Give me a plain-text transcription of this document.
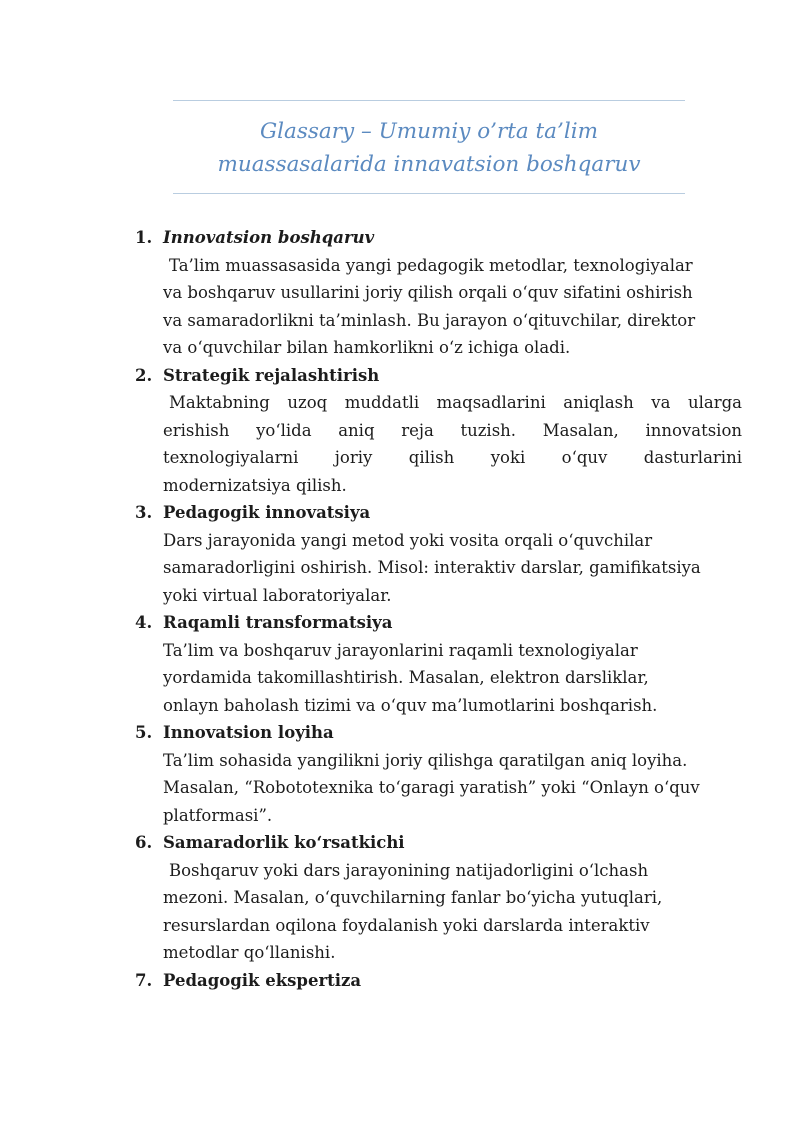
Glassary – Umumiy o’rta ta’lim
muassasalarida innavatsion boshqaruv
1. Innovatsion boshqaruv
Ta’lim muassasasida yangi pedagogik metodlar, texnologiyalar
va boshqaruv usullarini joriy qilish orqali oʻquv sifatini oshirish
va samaradorlikni ta’minlash. Bu jarayon oʻqituvchilar, direktor
va oʻquvchilar bilan hamkorlikni oʻz ichiga oladi.
2. Strategik rejalashtirish
Maktabning uzoq muddatli maqsadlarini aniqlash va ularga
erishish yoʻlida aniq reja tuzish. Masalan, innovatsion
texnologiyalarni joriy qilish yoki oʻquv dasturlarini
modernizatsiya qilish.
3. Pedagogik innovatsiya
Dars jarayonida yangi metod yoki vosita orqali oʻquvchilar
samaradorligini oshirish. Misol: interaktiv darslar, gamifikatsiya
yoki virtual laboratoriyalar.
4. Raqamli transformatsiya
Ta’lim va boshqaruv jarayonlarini raqamli texnologiyalar
yordamida takomillashtirish. Masalan, elektron darsliklar,
onlayn baholash tizimi va oʻquv ma’lumotlarini boshqarish.
5. Innovatsion loyiha
Ta’lim sohasida yangilikni joriy qilishga qaratilgan aniq loyiha.
Masalan, “Robototexnika toʻgaragi yaratish” yoki “Onlayn oʻquv
platformasi”.
6. Samaradorlik koʻrsatkichi
Boshqaruv yoki dars jarayonining natijadorligini oʻlchash
mezoni. Masalan, oʻquvchilarning fanlar boʻyicha yutuqlari,
resurslardan oqilona foydalanish yoki darslarda interaktiv
metodlar qoʻllanishi.
7. Pedagogik ekspertiza
